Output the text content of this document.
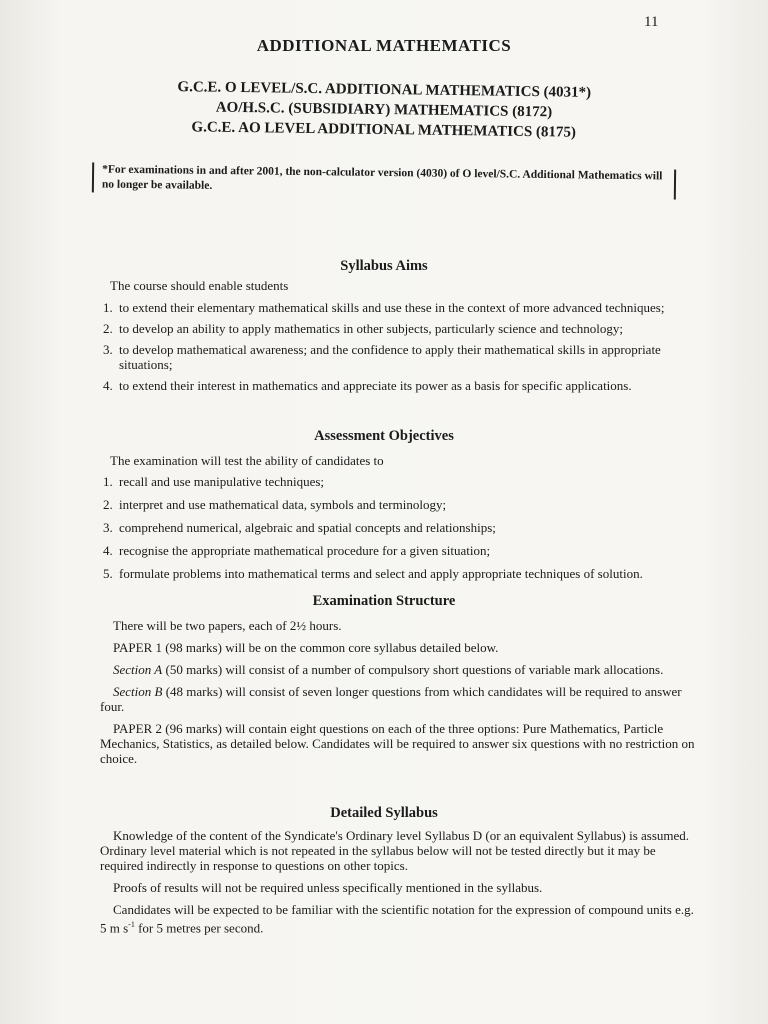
11
ADDITIONAL MATHEMATICS
G.C.E. O LEVEL/S.C. ADDITIONAL MATHEMATICS (4031*)
AO/H.S.C. (SUBSIDIARY) MATHEMATICS (8172)
G.C.E. AO LEVEL ADDITIONAL MATHEMATICS (8175)
*For examinations in and after 2001, the non-calculator version (4030) of O level/S.C. Additional Mathematics will no longer be available.
Syllabus Aims
The course should enable students
1. to extend their elementary mathematical skills and use these in the context of more advanced techniques;
2. to develop an ability to apply mathematics in other subjects, particularly science and technology;
3. to develop mathematical awareness; and the confidence to apply their mathematical skills in appropriate situations;
4. to extend their interest in mathematics and appreciate its power as a basis for specific applications.
Assessment Objectives
The examination will test the ability of candidates to
1. recall and use manipulative techniques;
2. interpret and use mathematical data, symbols and terminology;
3. comprehend numerical, algebraic and spatial concepts and relationships;
4. recognise the appropriate mathematical procedure for a given situation;
5. formulate problems into mathematical terms and select and apply appropriate techniques of solution.
Examination Structure

There will be two papers, each of 2½ hours.

PAPER 1 (98 marks) will be on the common core syllabus detailed below.

Section A (50 marks) will consist of a number of compulsory short questions of variable mark allocations.

Section B (48 marks) will consist of seven longer questions from which candidates will be required to answer four.

PAPER 2 (96 marks) will contain eight questions on each of the three options: Pure Mathematics, Particle Mechanics, Statistics, as detailed below. Candidates will be required to answer six questions with no restriction on choice.

Detailed Syllabus

Knowledge of the content of the Syndicate's Ordinary level Syllabus D (or an equivalent Syllabus) is assumed. Ordinary level material which is not repeated in the syllabus below will not be tested directly but it may be required indirectly in response to questions on other topics.

Proofs of results will not be required unless specifically mentioned in the syllabus.

Candidates will be expected to be familiar with the scientific notation for the expression of compound units e.g. 5 m $s^{-1}$ for 5 metres per second.
